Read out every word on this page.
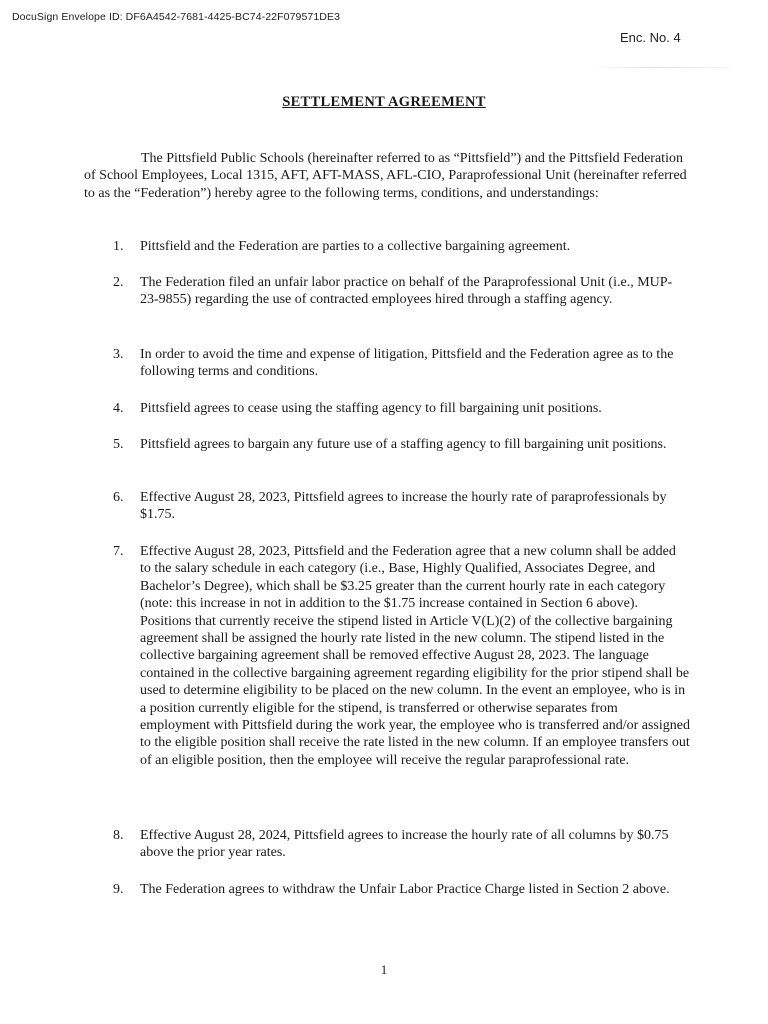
DocuSign Envelope ID: DF6A4542-7681-4425-BC74-22F079571DE3
Enc. No. 4
SETTLEMENT AGREEMENT

The Pittsfield Public Schools (hereinafter referred to as “Pittsfield”) and the Pittsfield Federation of School Employees, Local 1315, AFT, AFT-MASS, AFL-CIO, Paraprofessional Unit (hereinafter referred to as the “Federation”) hereby agree to the following terms, conditions, and understandings:

1.	Pittsfield and the Federation are parties to a collective bargaining agreement.
2.	The Federation filed an unfair labor practice on behalf of the Paraprofessional Unit (i.e., MUP-23-9855) regarding the use of contracted employees hired through a staffing agency.
3.	In order to avoid the time and expense of litigation, Pittsfield and the Federation agree as to the following terms and conditions.
4.	Pittsfield agrees to cease using the staffing agency to fill bargaining unit positions.
5.	Pittsfield agrees to bargain any future use of a staffing agency to fill bargaining unit positions.
6.	Effective August 28, 2023, Pittsfield agrees to increase the hourly rate of paraprofessionals by $1.75.
7.	Effective August 28, 2023, Pittsfield and the Federation agree that a new column shall be added to the salary schedule in each category (i.e., Base, Highly Qualified, Associates Degree, and Bachelor’s Degree), which shall be $3.25 greater than the current hourly rate in each category (note: this increase in not in addition to the $1.75 increase contained in Section 6 above). Positions that currently receive the stipend listed in Article V(L)(2) of the collective bargaining agreement shall be assigned the hourly rate listed in the new column. The stipend listed in the collective bargaining agreement shall be removed effective August 28, 2023. The language contained in the collective bargaining agreement regarding eligibility for the prior stipend shall be used to determine eligibility to be placed on the new column. In the event an employee, who is in a position currently eligible for the stipend, is transferred or otherwise separates from employment with Pittsfield during the work year, the employee who is transferred and/or assigned to the eligible position shall receive the rate listed in the new column. If an employee transfers out of an eligible position, then the employee will receive the regular paraprofessional rate.
8.	Effective August 28, 2024, Pittsfield agrees to increase the hourly rate of all columns by $0.75 above the prior year rates.
9.	The Federation agrees to withdraw the Unfair Labor Practice Charge listed in Section 2 above.
1
